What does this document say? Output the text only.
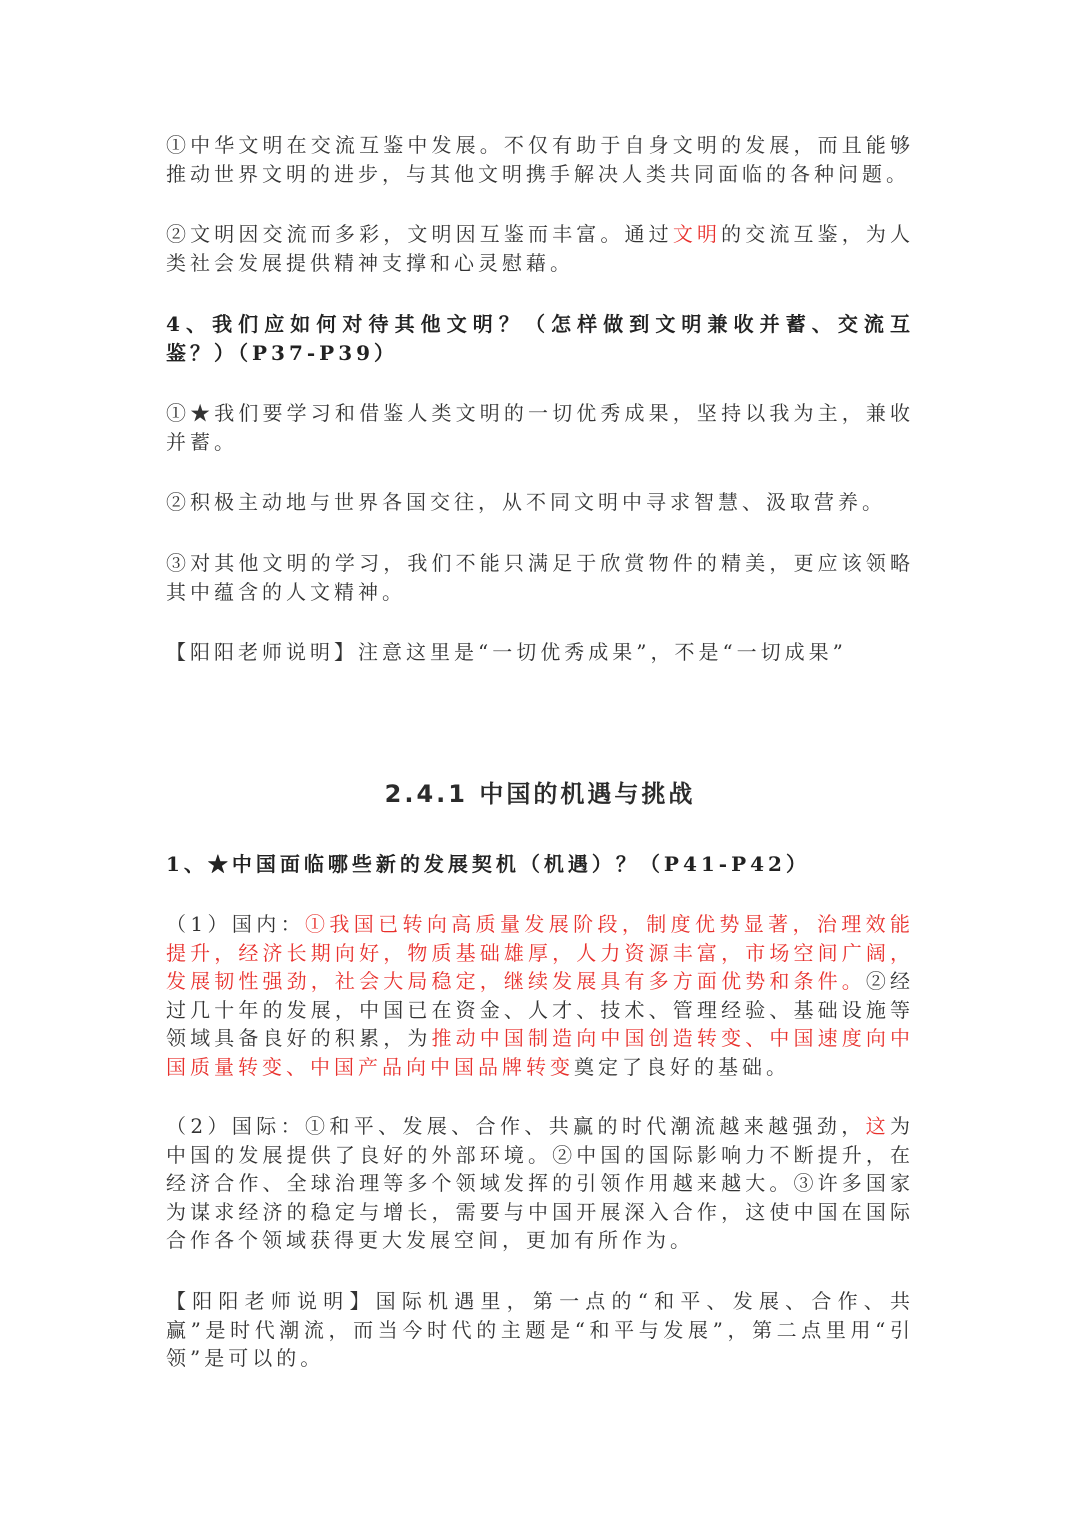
①中华文明在交流互鉴中发展。不仅有助于自身文明的发展，而且能够推动世界文明的进步，与其他文明携手解决人类共同面临的各种问题。

②文明因交流而多彩，文明因互鉴而丰富。通过文明的交流互鉴，为人类社会发展提供精神支撑和心灵慰藉。

4、我们应如何对待其他文明？（怎样做到文明兼收并蓄、交流互鉴？）（P37-P39）

①★我们要学习和借鉴人类文明的一切优秀成果，坚持以我为主，兼收并蓄。

②积极主动地与世界各国交往，从不同文明中寻求智慧、汲取营养。

③对其他文明的学习，我们不能只满足于欣赏物件的精美，更应该领略其中蕴含的人文精神。

【阳阳老师说明】注意这里是“一切优秀成果”，不是“一切成果”

2.4.1 中国的机遇与挑战

1、★中国面临哪些新的发展契机（机遇）？（P41-P42）

（1）国内：①我国已转向高质量发展阶段，制度优势显著，治理效能提升，经济长期向好，物质基础雄厚，人力资源丰富，市场空间广阔，发展韧性强劲，社会大局稳定，继续发展具有多方面优势和条件。②经过几十年的发展，中国已在资金、人才、技术、管理经验、基础设施等领域具备良好的积累，为推动中国制造向中国创造转变、中国速度向中国质量转变、中国产品向中国品牌转变奠定了良好的基础。

（2）国际：①和平、发展、合作、共赢的时代潮流越来越强劲，这为中国的发展提供了良好的外部环境。②中国的国际影响力不断提升，在经济合作、全球治理等多个领域发挥的引领作用越来越大。③许多国家为谋求经济的稳定与增长，需要与中国开展深入合作，这使中国在国际合作各个领域获得更大发展空间，更加有所作为。

【阳阳老师说明】国际机遇里，第一点的“和平、发展、合作、共赢”是时代潮流，而当今时代的主题是“和平与发展”，第二点里用“引领”是可以的。
